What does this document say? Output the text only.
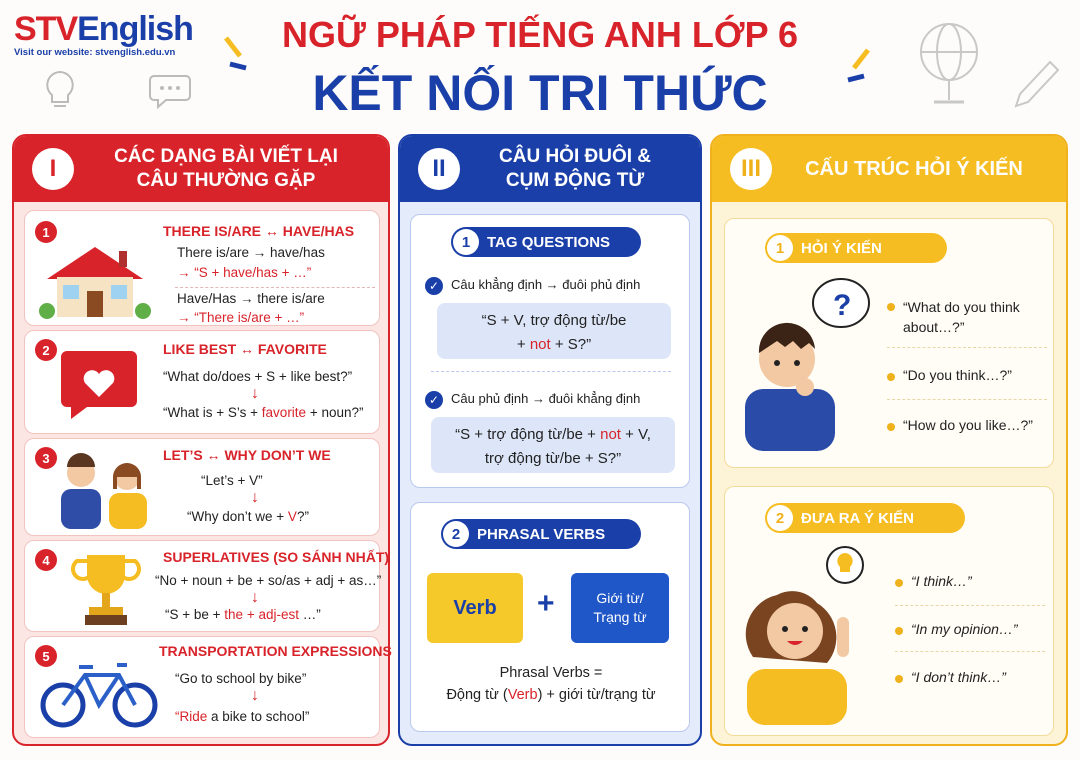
STVEnglish
Visit our website: stvenglish.edu.vn	NGỮ PHÁP TIẾNG ANH LỚP 6
KẾT NỐI TRI THỨC
I	CÁC DẠNG BÀI VIẾT LẠI
CÂU THƯỜNG GẶP
1	THERE IS/ARE ↔ HAVE/HAS
There is/are → have/has
→ “S + have/has + …”
Have/Has → there is/are
→ “There is/are + …”
2	LIKE BEST ↔ FAVORITE
“What do/does + S + like best?”
↓
“What is + S’s + favorite + noun?”
3	LET’S ↔ WHY DON’T WE
“Let’s + V”
↓
“Why don’t we + V?”
4	SUPERLATIVES (SO SÁNH NHẤT)
“No + noun + be + so/as + adj + as…”
↓
“S + be + the + adj-est …”
5	TRANSPORTATION EXPRESSIONS
“Go to school by bike”
↓
“Ride a bike to school”
II	CÂU HỎI ĐUÔI &
CỤM ĐỘNG TỪ
1	TAG QUESTIONS
✓ Câu khẳng định → đuôi phủ định
“S + V, trợ động từ/be
+ not + S?”
✓ Câu phủ định → đuôi khẳng định
“S + trợ động từ/be + not + V,
trợ động từ/be + S?”
2	PHRASAL VERBS
Verb	+	Giới từ/
Trạng từ
Phrasal Verbs =
Động từ (Verb) + giới từ/trạng từ
III	CẤU TRÚC HỎI Ý KIẾN
1	HỎI Ý KIẾN
?	“What do you think about…?”
“Do you think…?”
“How do you like…?”
2	ĐƯA RA Ý KIẾN
“I think…”
“In my opinion…”
“I don’t think…”
